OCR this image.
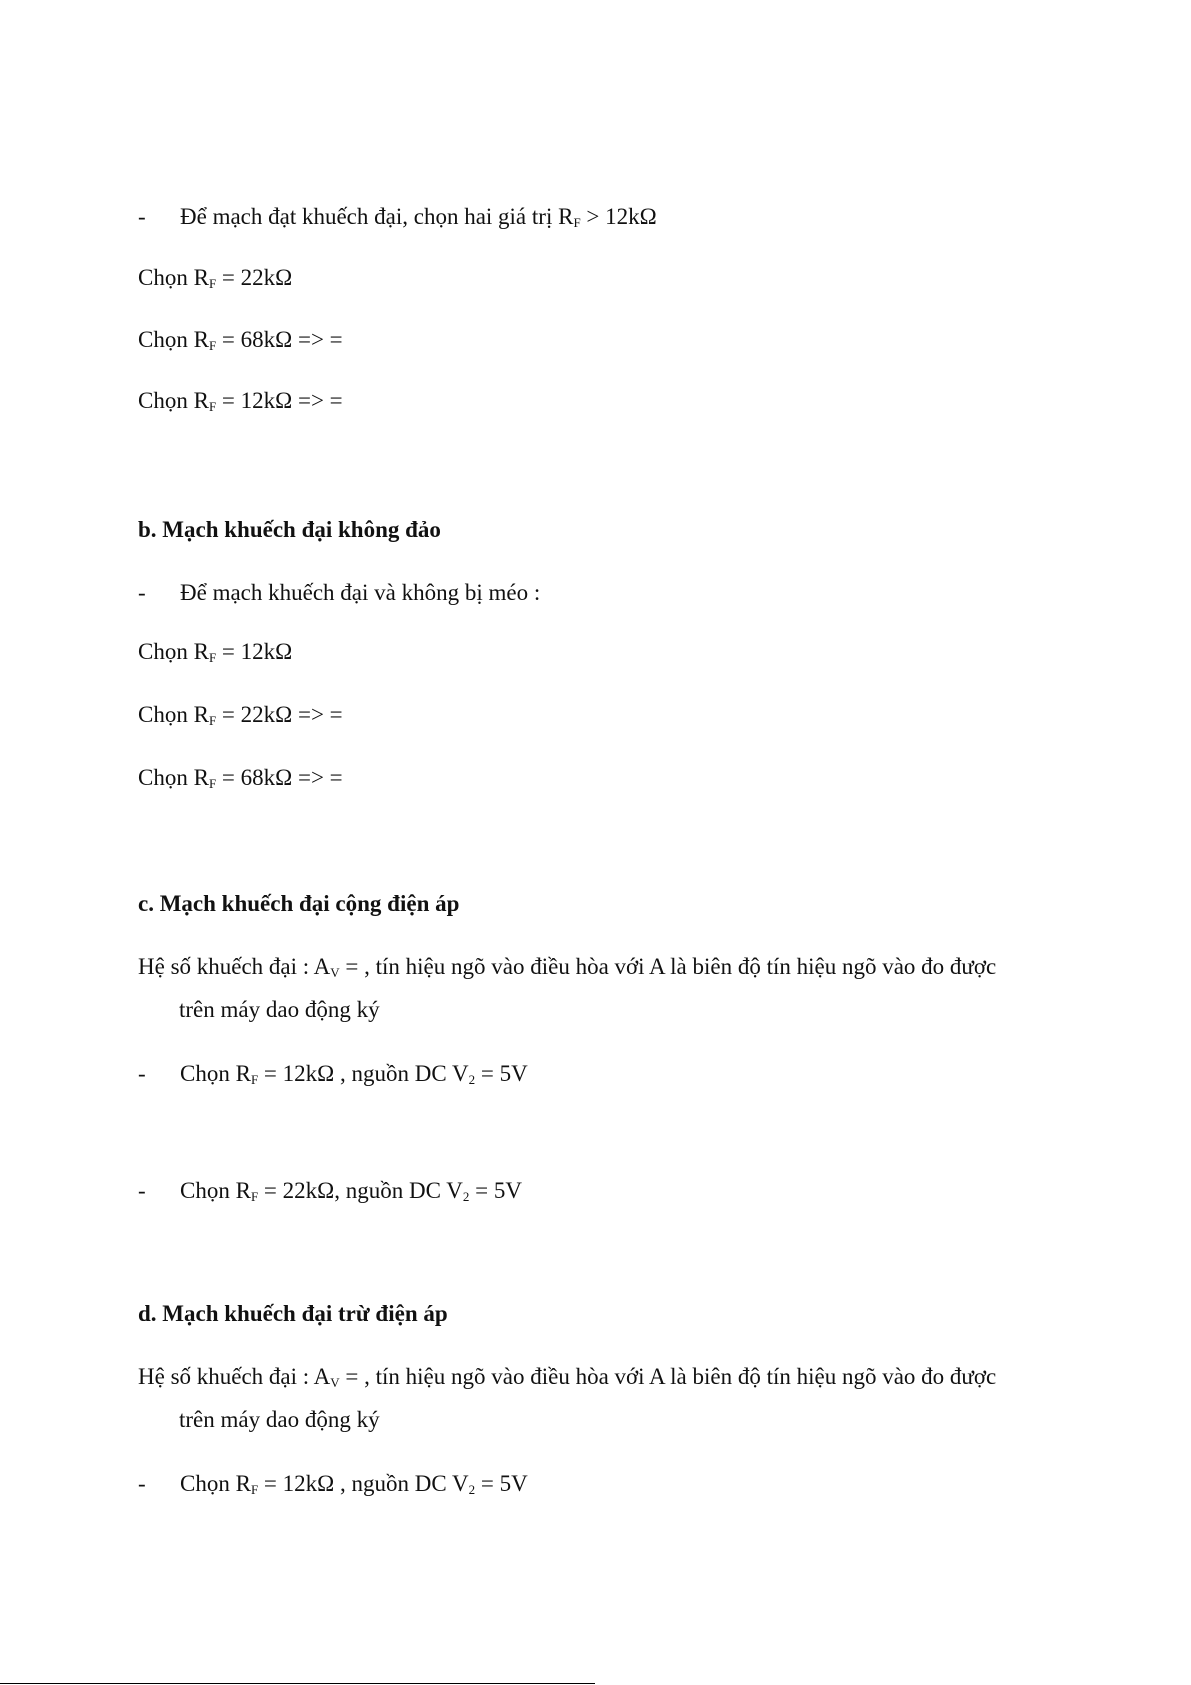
- Để mạch đạt khuếch đại, chọn hai giá trị $R_F > 12k\Omega$
Chọn $R_F = 22k\Omega$
Chọn $R_F = 68k\Omega$ => =
Chọn $R_F = 12k\Omega$ => =
b. Mạch khuếch đại không đảo
- Để mạch khuếch đại và không bị méo :
Chọn $R_F = 12k\Omega$
Chọn $R_F = 22k\Omega$ => =
Chọn $R_F = 68k\Omega$ => =
c. Mạch khuếch đại cộng điện áp
Hệ số khuếch đại : $A_V$ = , tín hiệu ngõ vào điều hòa với A là biên độ tín hiệu ngõ vào đo được
trên máy dao động ký
- Chọn $R_F = 12k\Omega$ , nguồn DC $V_2 = 5V$
- Chọn $R_F = 22k\Omega$, nguồn DC $V_2 = 5V$
d. Mạch khuếch đại trừ điện áp
Hệ số khuếch đại : $A_V$ = , tín hiệu ngõ vào điều hòa với A là biên độ tín hiệu ngõ vào đo được
trên máy dao động ký
- Chọn $R_F = 12k\Omega$ , nguồn DC $V_2 = 5V$
